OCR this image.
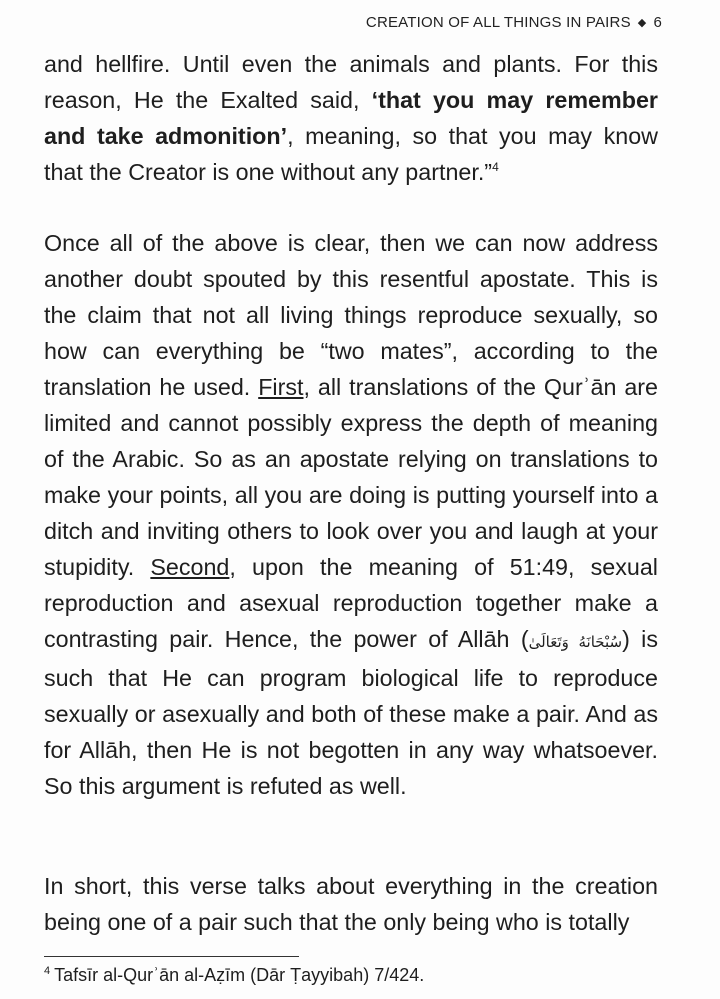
CREATION OF ALL THINGS IN PAIRS ◆ 6

and hellfire. Until even the animals and plants. For this reason, He the Exalted said, ‘that you may remember and take admonition’, meaning, so that you may know that the Creator is one without any partner.”$^4$

Once all of the above is clear, then we can now address another doubt spouted by this resentful apostate. This is the claim that not all living things reproduce sexually, so how can everything be “two mates”, according to the translation he used. First, all translations of the Qurʾān are limited and cannot possibly express the depth of meaning of the Arabic. So as an apostate relying on translations to make your points, all you are doing is putting yourself into a ditch and inviting others to look over you and laugh at your stupidity. Second, upon the meaning of 51:49, sexual reproduction and asexual reproduction together make a contrasting pair. Hence, the power of Allāh (سُبْحَانَهُ وَتَعَالَىٰ) is such that He can program biological life to reproduce sexually or asexually and both of these make a pair. And as for Allāh, then He is not begotten in any way whatsoever. So this argument is refuted as well.

In short, this verse talks about everything in the creation being one of a pair such that the only being who is totally

$^4$ Tafsīr al-Qurʾān al-Aẓīm (Dār Ṭayyibah) 7/424.
